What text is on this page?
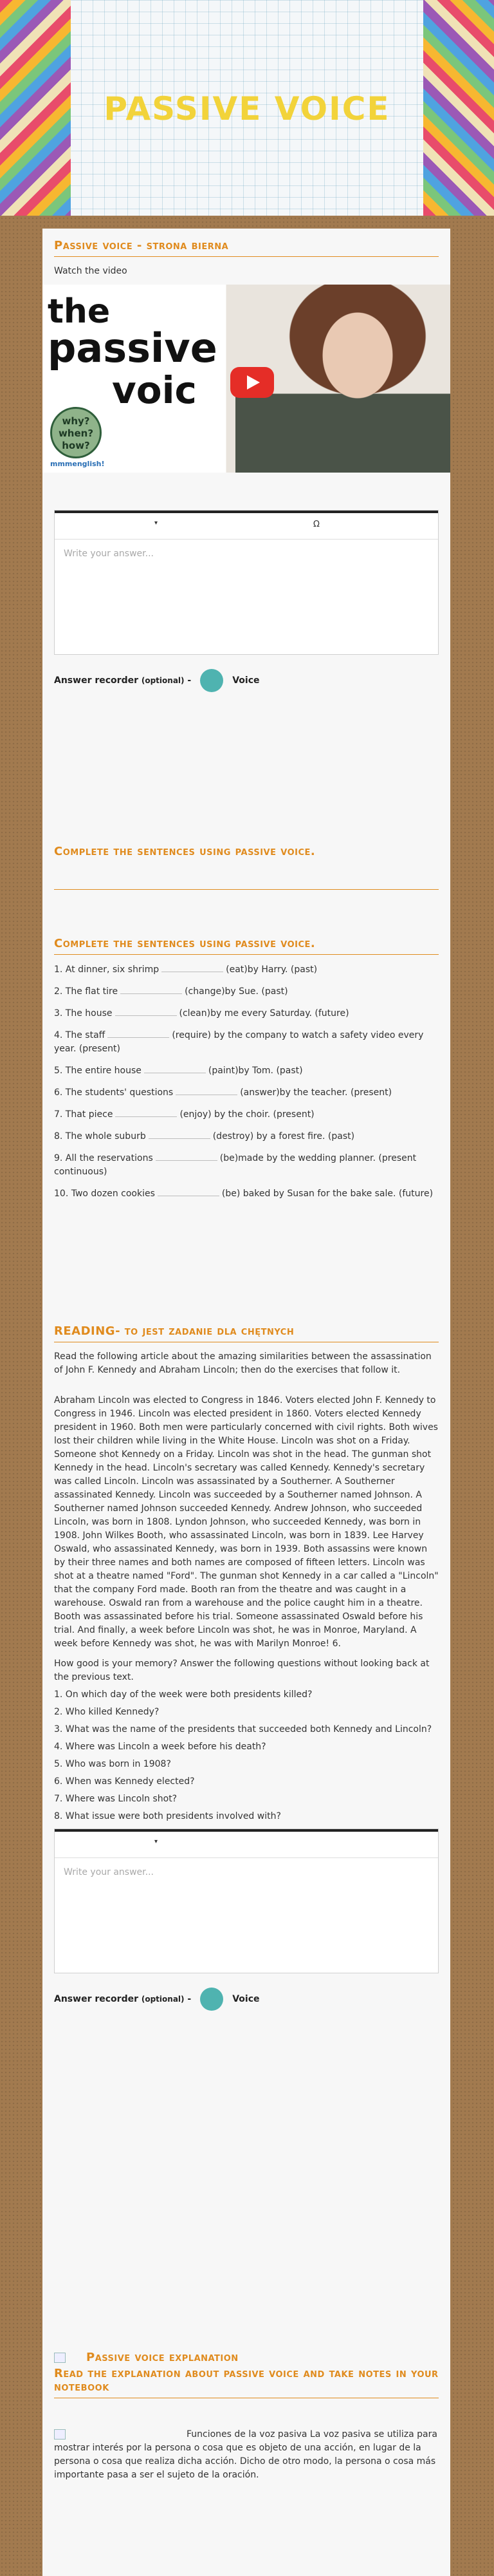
PASSIVE VOICE
Passive voice - strona bierna
Watch the video
the
passive
voic
why?
when?
how?
mmmenglish!
▾	Ω
Write your answer...
Answer recorder
(optional)
-	Voice
Complete the sentences using passive voice.
Complete the sentences using passive voice.
1. At dinner, six shrimp	(eat)by Harry. (past)
2. The flat tire	(change)by Sue. (past)
3. The house	(clean)by me every Saturday. (future)
4. The staff	(require) by the company to watch a safety video every year. (present)
5. The entire house	(paint)by Tom. (past)
6. The students' questions	(answer)by the teacher. (present)
7. That piece	(enjoy) by the choir. (present)
8. The whole suburb	(destroy) by a forest fire. (past)
9. All the reservations	(be)made by the wedding planner. (present continuous)
10. Two dozen cookies	(be) baked by Susan for the bake sale. (future)
READING- to jest zadanie dla chętnych
Read the following article about the amazing similarities between the assassination of John F. Kennedy and Abraham Lincoln; then do the exercises that follow it.
Abraham Lincoln was elected to Congress in 1846. Voters elected John F. Kennedy to Congress in 1946. Lincoln was elected president in 1860. Voters elected Kennedy president in 1960. Both men were particularly concerned with civil rights. Both wives lost their children while living in the White House. Lincoln was shot on a Friday. Someone shot Kennedy on a Friday. Lincoln was shot in the head. The gunman shot Kennedy in the head. Lincoln's secretary was called Kennedy. Kennedy's secretary was called Lincoln. Lincoln was assassinated by a Southerner. A Southerner assassinated Kennedy. Lincoln was succeeded by a Southerner named Johnson. A Southerner named Johnson succeeded Kennedy. Andrew Johnson, who succeeded Lincoln, was born in 1808. Lyndon Johnson, who succeeded Kennedy, was born in 1908. John Wilkes Booth, who assassinated Lincoln, was born in 1839. Lee Harvey Oswald, who assassinated Kennedy, was born in 1939. Both assassins were known by their three names and both names are composed of fifteen letters. Lincoln was shot at a theatre named "Ford". The gunman shot Kennedy in a car called a "Lincoln" that the company Ford made. Booth ran from the theatre and was caught in a warehouse. Oswald ran from a warehouse and the police caught him in a theatre. Booth was assassinated before his trial. Someone assassinated Oswald before his trial. And finally, a week before Lincoln was shot, he was in Monroe, Maryland. A week before Kennedy was shot, he was with Marilyn Monroe! 6.
How good is your memory? Answer the following questions without looking back at the previous text.
1. On which day of the week were both presidents killed?
2. Who killed Kennedy?
3. What was the name of the presidents that succeeded both Kennedy and Lincoln?
4. Where was Lincoln a week before his death?
5. Who was born in 1908?
6. When was Kennedy elected?
7. Where was Lincoln shot?
8. What issue were both presidents involved with?
▾
Write your answer...
Answer recorder
(optional)
-	Voice
Passive voice explanation
Read the explanation about passive voice and take notes in your notebook
Funciones de la voz pasiva La voz pasiva se utiliza para mostrar interés por la persona o cosa que es objeto de una acción, en lugar de la persona o cosa que realiza dicha acción. Dicho de otro modo, la persona o cosa más importante pasa a ser el sujeto de la oración.
